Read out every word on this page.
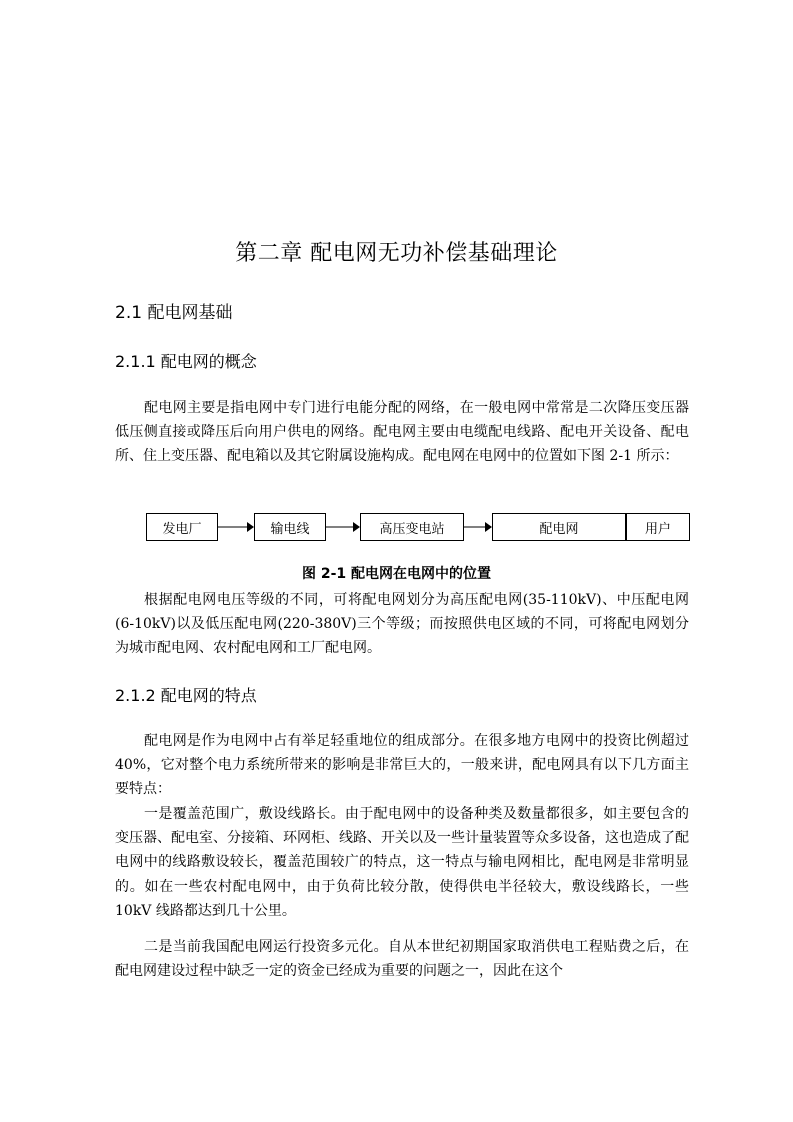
第二章 配电网无功补偿基础理论
2.1 配电网基础
2.1.1 配电网的概念

配电网主要是指电网中专门进行电能分配的网络，在一般电网中常常是二次降压变压器低压侧直接或降压后向用户供电的网络。配电网主要由电缆配电线路、配电开关设备、配电所、住上变压器、配电箱以及其它附属设施构成。配电网在电网中的位置如下图 2-1 所示：

发电厂	输电线	高压变电站	配电网	用户
图 2-1 配电网在电网中的位置

根据配电网电压等级的不同，可将配电网划分为高压配电网(35-110kV)、中压配电网(6-10kV)以及低压配电网(220-380V)三个等级；而按照供电区域的不同，可将配电网划分为城市配电网、农村配电网和工厂配电网。

2.1.2 配电网的特点

配电网是作为电网中占有举足轻重地位的组成部分。在很多地方电网中的投资比例超过 40%，它对整个电力系统所带来的影响是非常巨大的，一般来讲，配电网具有以下几方面主要特点：

一是覆盖范围广，敷设线路长。由于配电网中的设备种类及数量都很多，如主要包含的变压器、配电室、分接箱、环网柜、线路、开关以及一些计量装置等众多设备，这也造成了配电网中的线路敷设较长，覆盖范围较广的特点，这一特点与输电网相比，配电网是非常明显的。如在一些农村配电网中，由于负荷比较分散，使得供电半径较大，敷设线路长，一些 10kV 线路都达到几十公里。

二是当前我国配电网运行投资多元化。自从本世纪初期国家取消供电工程贴费之后，在配电网建设过程中缺乏一定的资金已经成为重要的问题之一，因此在这个
